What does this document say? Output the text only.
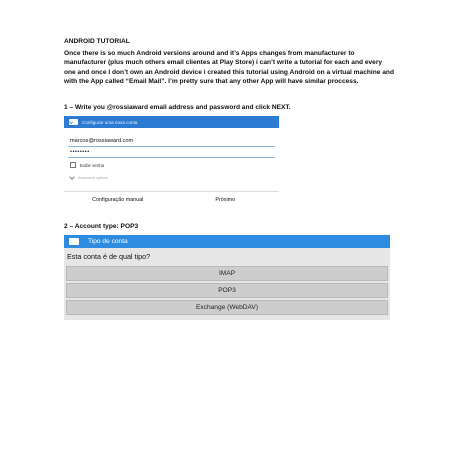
ANDROID TUTORIAL
Once there is so much Android versions around and it’s Apps changes from manufacturer to manufacturer (plus much others email clientes at Play Store) i can’t write a tutorial for each and every one and once I don’t own an Android device i created this tutorial using Android on a virtual machine and with the App called “Email Mail”. I’m pretty sure that any other App will have similar proccess.
1 – Write you @rossiaward email address and password and click NEXT.
Configurar uma nova conta
marcos@rossiaward.com
••••••••
Exibir senha
Advanced options
Configuração manual	Próximo
2 – Account type: POP3
Tipo de conta
Esta conta é de qual tipo?
IMAP
POP3
Exchange (WebDAV)
